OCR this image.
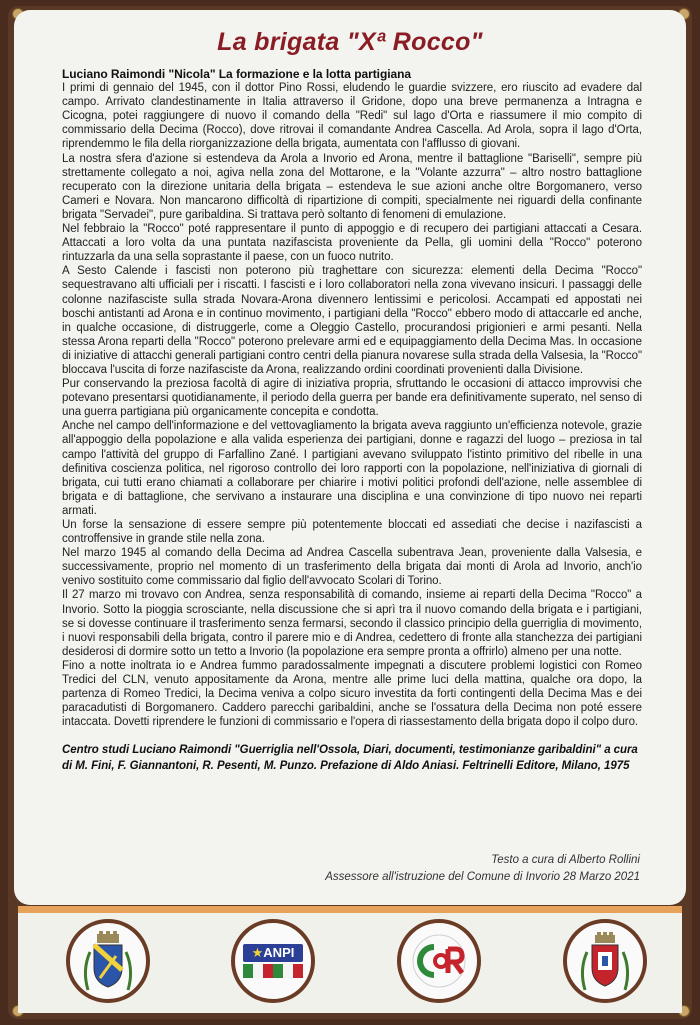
La brigata "Xª Rocco"

Luciano Raimondi "Nicola" La formazione e la lotta partigiana

I primi di gennaio del 1945, con il dottor Pino Rossi, eludendo le guardie svizzere, ero riuscito ad evadere dal campo. Arrivato clandestinamente in Italia attraverso il Gridone, dopo una breve permanenza a Intragna e Cicogna, potei raggiungere di nuovo il comando della "Redi" sul lago d'Orta e riassumere il mio compito di commissario della Decima (Rocco), dove ritrovai il comandante Andrea Cascella. Ad Arola, sopra il lago d'Orta, riprendemmo le fila della riorganizzazione della brigata, aumentata con l'afflusso di giovani.

La nostra sfera d'azione si estendeva da Arola a Invorio ed Arona, mentre il battaglione "Bariselli", sempre più strettamente collegato a noi, agiva nella zona del Mottarone, e la "Volante azzurra" – altro nostro battaglione recuperato con la direzione unitaria della brigata – estendeva le sue azioni anche oltre Borgomanero, verso Cameri e Novara. Non mancarono difficoltà di ripartizione di compiti, specialmente nei riguardi della confinante brigata "Servadei", pure garibaldina. Si trattava però soltanto di fenomeni di emulazione.

Nel febbraio la "Rocco" poté rappresentare il punto di appoggio e di recupero dei partigiani attaccati a Cesara. Attaccati a loro volta da una puntata nazifascista proveniente da Pella, gli uomini della "Rocco" poterono rintuzzarla da una sella soprastante il paese, con un fuoco nutrito.

A Sesto Calende i fascisti non poterono più traghettare con sicurezza: elementi della Decima "Rocco" sequestravano alti ufficiali per i riscatti. I fascisti e i loro collaboratori nella zona vivevano insicuri. I passaggi delle colonne nazifasciste sulla strada Novara-Arona divennero lentissimi e pericolosi. Accampati ed appostati nei boschi antistanti ad Arona e in continuo movimento, i partigiani della "Rocco" ebbero modo di attaccarle ed anche, in qualche occasione, di distruggerle, come a Oleggio Castello, procurandosi prigionieri e armi pesanti. Nella stessa Arona reparti della "Rocco" poterono prelevare armi ed e equipaggiamento della Decima Mas. In occasione di iniziative di attacchi generali partigiani contro centri della pianura novarese sulla strada della Valsesia, la "Rocco" bloccava l'uscita di forze nazifasciste da Arona, realizzando ordini coordinati provenienti dalla Divisione.

Pur conservando la preziosa facoltà di agire di iniziativa propria, sfruttando le occasioni di attacco improvvisi che potevano presentarsi quotidianamente, il periodo della guerra per bande era definitivamente superato, nel senso di una guerra partigiana più organicamente concepita e condotta.

Anche nel campo dell'informazione e del vettovagliamento la brigata aveva raggiunto un'efficienza notevole, grazie all'appoggio della popolazione e alla valida esperienza dei partigiani, donne e ragazzi del luogo – preziosa in tal campo l'attività del gruppo di Farfallino Zané. I partigiani avevano sviluppato l'istinto primitivo del ribelle in una definitiva coscienza politica, nel rigoroso controllo dei loro rapporti con la popolazione, nell'iniziativa di giornali di brigata, cui tutti erano chiamati a collaborare per chiarire i motivi politici profondi dell'azione, nelle assemblee di brigata e di battaglione, che servivano a instaurare una disciplina e una convinzione di tipo nuovo nei reparti armati.

Un forse la sensazione di essere sempre più potentemente bloccati ed assediati che decise i nazifascisti a controffensive in grande stile nella zona.

Nel marzo 1945 al comando della Decima ad Andrea Cascella subentrava Jean, proveniente dalla Valsesia, e successivamente, proprio nel momento di un trasferimento della brigata dai monti di Arola ad Invorio, anch'io venivo sostituito come commissario dal figlio dell'avvocato Scolari di Torino.

Il 27 marzo mi trovavo con Andrea, senza responsabilità di comando, insieme ai reparti della Decima "Rocco" a Invorio. Sotto la pioggia scrosciante, nella discussione che si aprì tra il nuovo comando della brigata e i partigiani, se si dovesse continuare il trasferimento senza fermarsi, secondo il classico principio della guerriglia di movimento, i nuovi responsabili della brigata, contro il parere mio e di Andrea, cedettero di fronte alla stanchezza dei partigiani desiderosi di dormire sotto un tetto a Invorio (la popolazione era sempre pronta a offrirlo) almeno per una notte.

Fino a notte inoltrata io e Andrea fummo paradossalmente impegnati a discutere problemi logistici con Romeo Tredici del CLN, venuto appositamente da Arona, mentre alle prime luci della mattina, qualche ora dopo, la partenza di Romeo Tredici, la Decima veniva a colpo sicuro investita da forti contingenti della Decima Mas e dei paracadutisti di Borgomanero. Caddero parecchi garibaldini, anche se l'ossatura della Decima non poté essere intaccata. Dovetti riprendere le funzioni di commissario e l'opera di riassestamento della brigata dopo il colpo duro.

Centro studi Luciano Raimondi "Guerriglia nell'Ossola, Diari, documenti, testimonianze garibaldini" a cura di M. Fini, F. Giannantoni, R. Pesenti, M. Punzo. Prefazione di Aldo Aniasi. Feltrinelli Editore, Milano, 1975

Testo a cura di Alberto Rollini
Assessore all'istruzione del Comune di Invorio 28 Marzo 2021
★ANPI
